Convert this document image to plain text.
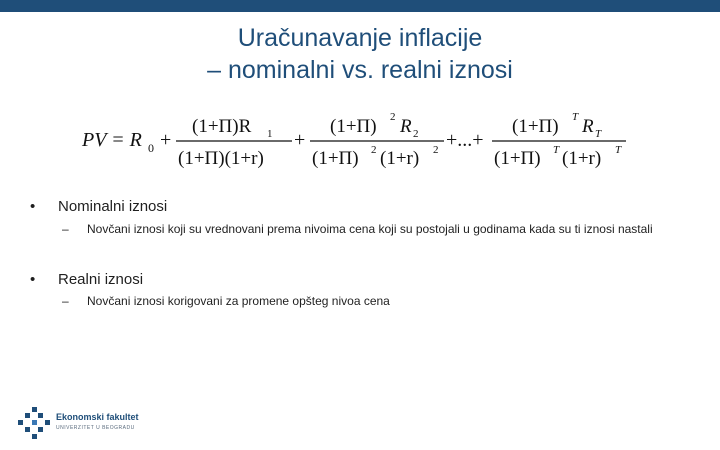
Uračunavanje inflacije
– nominalni vs. realni iznosi
PV = R 0 +
(1+Π)R 1
(1+Π)(1+r)
+
(1+Π) 2 R 2
(1+Π) 2 (1+r) 2 +...+
(1+Π) T R T
(1+Π) T (1+r) T
•	Nominalni iznosi
– Novčani iznosi koji su vrednovani prema nivoima cena koji su postojali u godinama kada su ti iznosi nastali
•	Realni iznosi
– Novčani iznosi korigovani za promene opšteg nivoa cena
Ekonomski fakultet
UNIVERZITET U BEOGRADU
